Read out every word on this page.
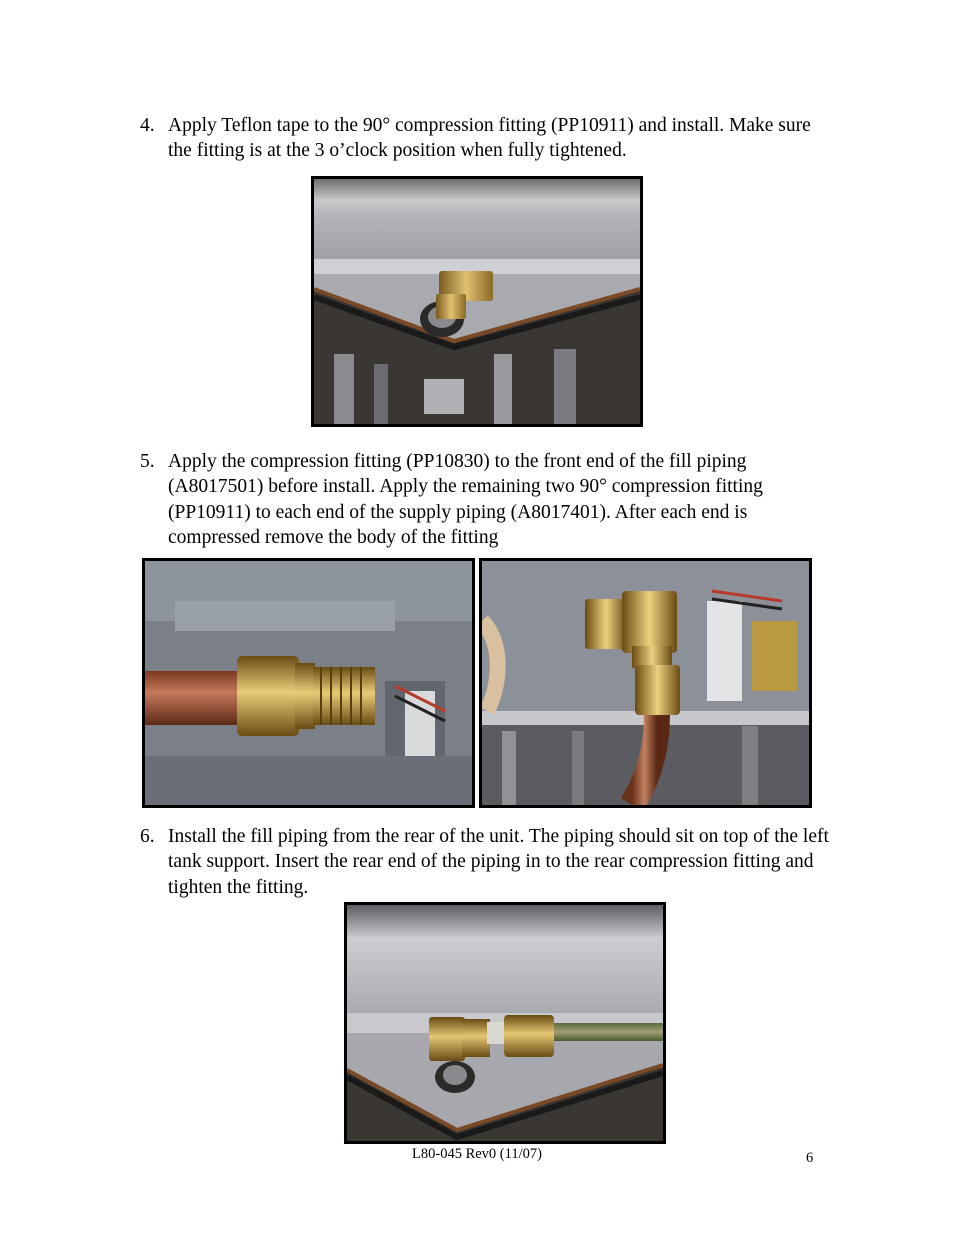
4. Apply Teflon tape to the 90° compression fitting (PP10911) and install. Make sure the fitting is at the 3 o’clock position when fully tightened.
5. Apply the compression fitting (PP10830) to the front end of the fill piping (A8017501) before install. Apply the remaining two 90° compression fitting (PP10911) to each end of the supply piping (A8017401). After each end is compressed remove the body of the fitting
6. Install the fill piping from the rear of the unit. The piping should sit on top of the left tank support. Insert the rear end of the piping in to the rear compression fitting and tighten the fitting.
L80-045 Rev0 (11/07)	6
